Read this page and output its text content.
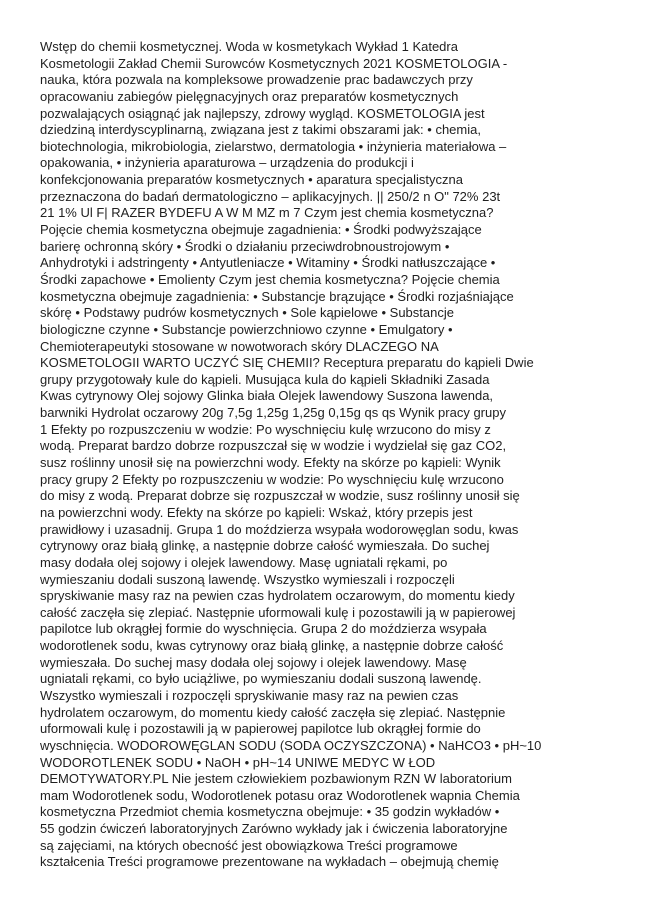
Wstęp do chemii kosmetycznej. Woda w kosmetykach Wykład 1 Katedra
Kosmetologii Zakład Chemii Surowców Kosmetycznych 2021 KOSMETOLOGIA -
nauka, która pozwala na kompleksowe prowadzenie prac badawczych przy
opracowaniu zabiegów pielęgnacyjnych oraz preparatów kosmetycznych
pozwalających osiągnąć jak najlepszy, zdrowy wygląd. KOSMETOLOGIA jest
dziedziną interdyscyplinarną, związana jest z takimi obszarami jak: • chemia,
biotechnologia, mikrobiologia, zielarstwo, dermatologia • inżynieria materiałowa –
opakowania, • inżynieria aparaturowa – urządzenia do produkcji i
konfekcjonowania preparatów kosmetycznych • aparatura specjalistyczna
przeznaczona do badań dermatologiczno – aplikacyjnych. || 250/2 n O" 72% 23t
21 1% Ul F| RAZER BYDEFU A W M MZ m 7 Czym jest chemia kosmetyczna?
Pojęcie chemia kosmetyczna obejmuje zagadnienia: • Środki podwyższające
barierę ochronną skóry • Środki o działaniu przeciwdrobnoustrojowym •
Anhydrotyki i adstringenty • Antyutleniacze • Witaminy • Środki natłuszczające •
Środki zapachowe • Emolienty Czym jest chemia kosmetyczna? Pojęcie chemia
kosmetyczna obejmuje zagadnienia: • Substancje brązujące • Środki rozjaśniające
skórę • Podstawy pudrów kosmetycznych • Sole kąpielowe • Substancje
biologiczne czynne • Substancje powierzchniowo czynne • Emulgatory •
Chemioterapeutyki stosowane w nowotworach skóry DLACZEGO NA
KOSMETOLOGII WARTO UCZYĆ SIĘ CHEMII? Receptura preparatu do kąpieli Dwie
grupy przygotowały kule do kąpieli. Musująca kula do kąpieli Składniki Zasada
Kwas cytrynowy Olej sojowy Glinka biała Olejek lawendowy Suszona lawenda,
barwniki Hydrolat oczarowy 20g 7,5g 1,25g 1,25g 0,15g qs qs Wynik pracy grupy
1 Efekty po rozpuszczeniu w wodzie: Po wyschnięciu kulę wrzucono do misy z
wodą. Preparat bardzo dobrze rozpuszczał się w wodzie i wydzielał się gaz CO2,
susz roślinny unosił się na powierzchni wody. Efekty na skórze po kąpieli: Wynik
pracy grupy 2 Efekty po rozpuszczeniu w wodzie: Po wyschnięciu kulę wrzucono
do misy z wodą. Preparat dobrze się rozpuszczał w wodzie, susz roślinny unosił się
na powierzchni wody. Efekty na skórze po kąpieli: Wskaż, który przepis jest
prawidłowy i uzasadnij. Grupa 1 do moździerza wsypała wodorowęglan sodu, kwas
cytrynowy oraz białą glinkę, a następnie dobrze całość wymieszała. Do suchej
masy dodała olej sojowy i olejek lawendowy. Masę ugniatali rękami, po
wymieszaniu dodali suszoną lawendę. Wszystko wymieszali i rozpoczęli
spryskiwanie masy raz na pewien czas hydrolatem oczarowym, do momentu kiedy
całość zaczęła się zlepiać. Następnie uformowali kulę i pozostawili ją w papierowej
papilotce lub okrągłej formie do wyschnięcia. Grupa 2 do moździerza wsypała
wodorotlenek sodu, kwas cytrynowy oraz białą glinkę, a następnie dobrze całość
wymieszała. Do suchej masy dodała olej sojowy i olejek lawendowy. Masę
ugniatali rękami, co było uciążliwe, po wymieszaniu dodali suszoną lawendę.
Wszystko wymieszali i rozpoczęli spryskiwanie masy raz na pewien czas
hydrolatem oczarowym, do momentu kiedy całość zaczęła się zlepiać. Następnie
uformowali kulę i pozostawili ją w papierowej papilotce lub okrągłej formie do
wyschnięcia. WODOROWĘGLAN SODU (SODA OCZYSZCZONA) • NaHCO3 • pH~10
WODOROTLENEK SODU • NaOH • pH~14 UNIWE MEDYC W ŁOD
DEMOTYWATORY.PL Nie jestem człowiekiem pozbawionym RZN W laboratorium
mam Wodorotlenek sodu, Wodorotlenek potasu oraz Wodorotlenek wapnia Chemia
kosmetyczna Przedmiot chemia kosmetyczna obejmuje: • 35 godzin wykładów •
55 godzin ćwiczeń laboratoryjnych Zarówno wykłady jak i ćwiczenia laboratoryjne
są zajęciami, na których obecność jest obowiązkowa Treści programowe
kształcenia Treści programowe prezentowane na wykładach – obejmują chemię
